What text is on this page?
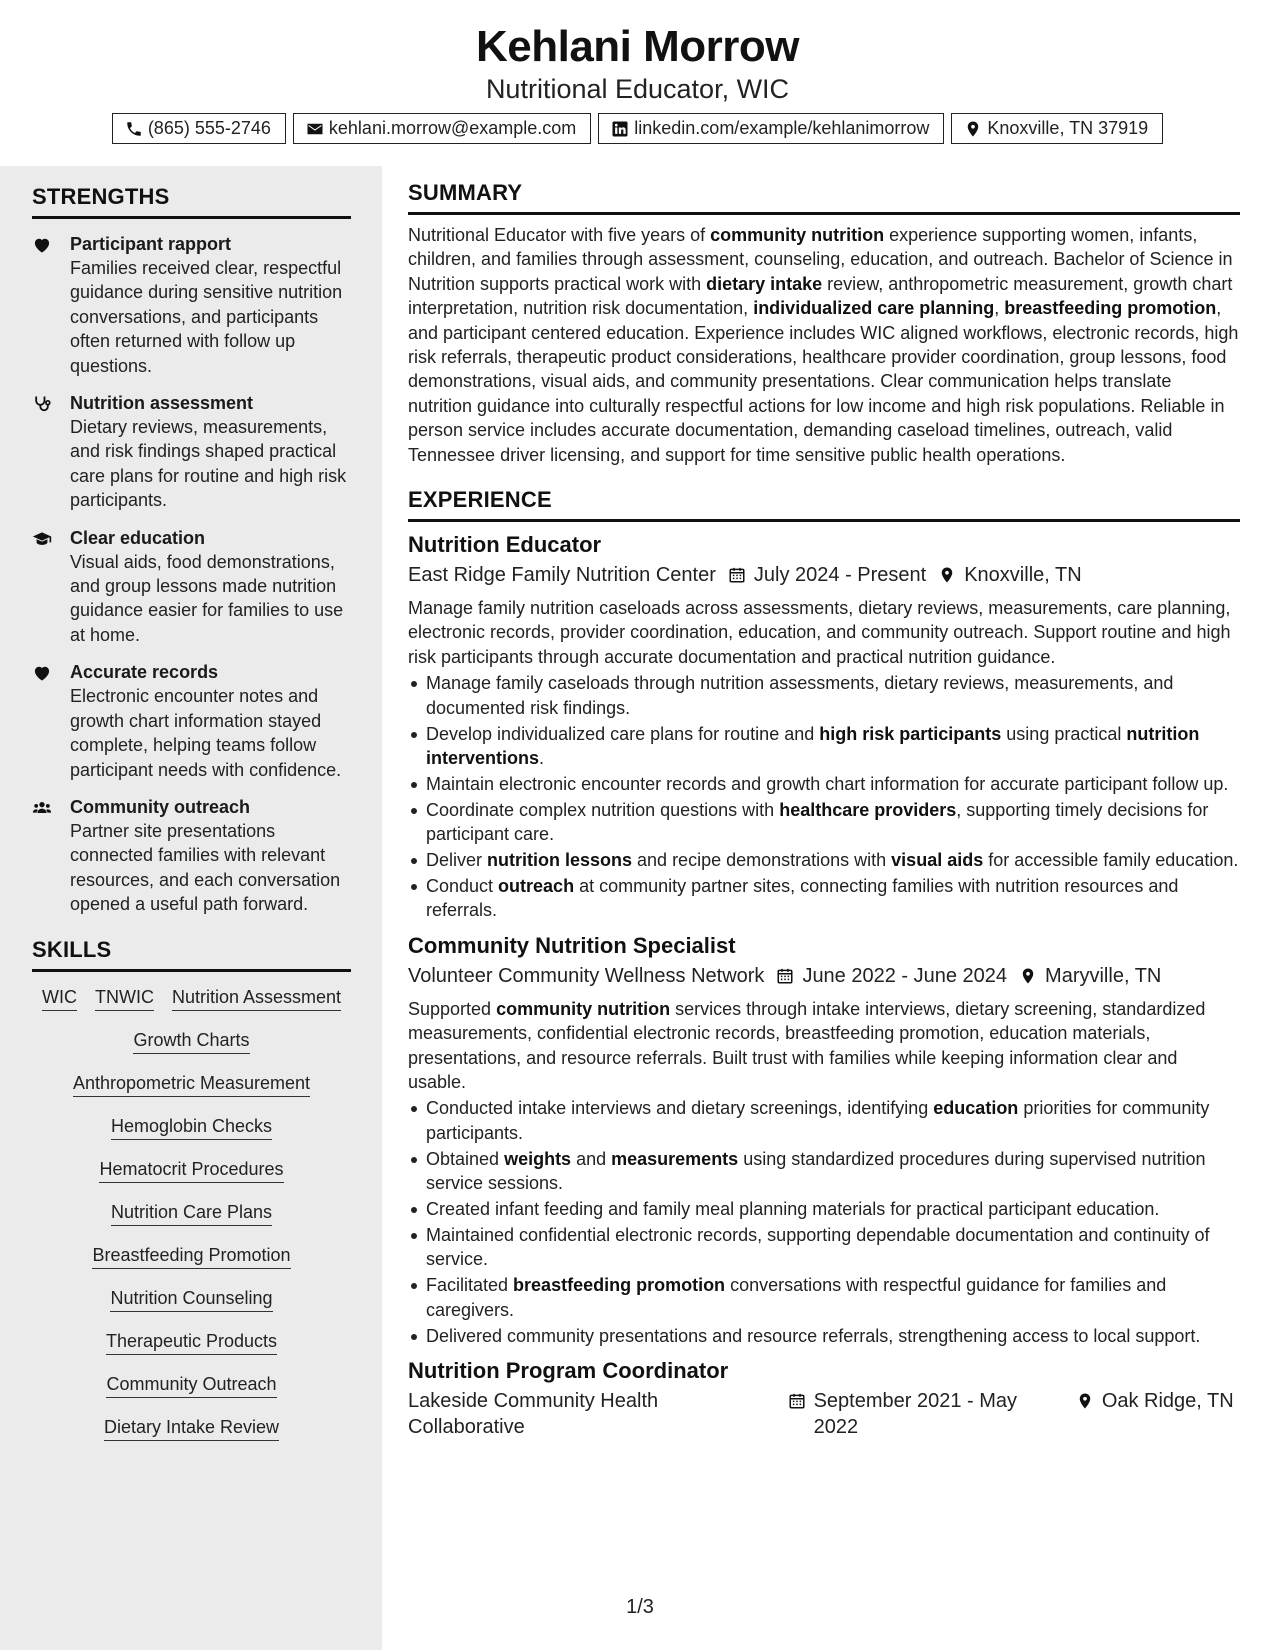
Kehlani Morrow
Nutritional Educator, WIC
(865) 555-2746	kehlani.morrow@example.com	linkedin.com/example/kehlanimorrow	Knoxville, TN 37919
STRENGTHS
Participant rapport
Families received clear, respectful guidance during sensitive nutrition conversations, and participants often returned with follow up questions.
Nutrition assessment
Dietary reviews, measurements, and risk findings shaped practical care plans for routine and high risk participants.
Clear education
Visual aids, food demonstrations, and group lessons made nutrition guidance easier for families to use at home.
Accurate records
Electronic encounter notes and growth chart information stayed complete, helping teams follow participant needs with confidence.
Community outreach
Partner site presentations connected families with relevant resources, and each conversation opened a useful path forward.
SKILLS
WIC TNWIC Nutrition Assessment
Growth Charts
Anthropometric Measurement
Hemoglobin Checks
Hematocrit Procedures
Nutrition Care Plans
Breastfeeding Promotion
Nutrition Counseling
Therapeutic Products
Community Outreach
Dietary Intake Review
SUMMARY
Nutritional Educator with five years of community nutrition experience supporting women, infants, children, and families through assessment, counseling, education, and outreach. Bachelor of Science in Nutrition supports practical work with dietary intake review, anthropometric measurement, growth chart interpretation, nutrition risk documentation, individualized care planning, breastfeeding promotion, and participant centered education. Experience includes WIC aligned workflows, electronic records, high risk referrals, therapeutic product considerations, healthcare provider coordination, group lessons, food demonstrations, visual aids, and community presentations. Clear communication helps translate nutrition guidance into culturally respectful actions for low income and high risk populations. Reliable in person service includes accurate documentation, demanding caseload timelines, outreach, valid Tennessee driver licensing, and support for time sensitive public health operations.
EXPERIENCE
Nutrition Educator
East Ridge Family Nutrition Center July 2024 - Present Knoxville, TN
Manage family nutrition caseloads across assessments, dietary reviews, measurements, care planning, electronic records, provider coordination, education, and community outreach. Support routine and high risk participants through accurate documentation and practical nutrition guidance.
Manage family caseloads through nutrition assessments, dietary reviews, measurements, and documented risk findings.
Develop individualized care plans for routine and high risk participants using practical nutrition interventions.
Maintain electronic encounter records and growth chart information for accurate participant follow up.
Coordinate complex nutrition questions with healthcare providers, supporting timely decisions for participant care.
Deliver nutrition lessons and recipe demonstrations with visual aids for accessible family education.
Conduct outreach at community partner sites, connecting families with nutrition resources and referrals.
Community Nutrition Specialist
Volunteer Community Wellness Network June 2022 - June 2024 Maryville, TN
Supported community nutrition services through intake interviews, dietary screening, standardized measurements, confidential electronic records, breastfeeding promotion, education materials, presentations, and resource referrals. Built trust with families while keeping information clear and usable.
Conducted intake interviews and dietary screenings, identifying education priorities for community participants.
Obtained weights and measurements using standardized procedures during supervised nutrition service sessions.
Created infant feeding and family meal planning materials for practical participant education.
Maintained confidential electronic records, supporting dependable documentation and continuity of service.
Facilitated breastfeeding promotion conversations with respectful guidance for families and caregivers.
Delivered community presentations and resource referrals, strengthening access to local support.
Nutrition Program Coordinator
Lakeside Community Health Collaborative
September 2021 - May 2022
Oak Ridge, TN
1/3
